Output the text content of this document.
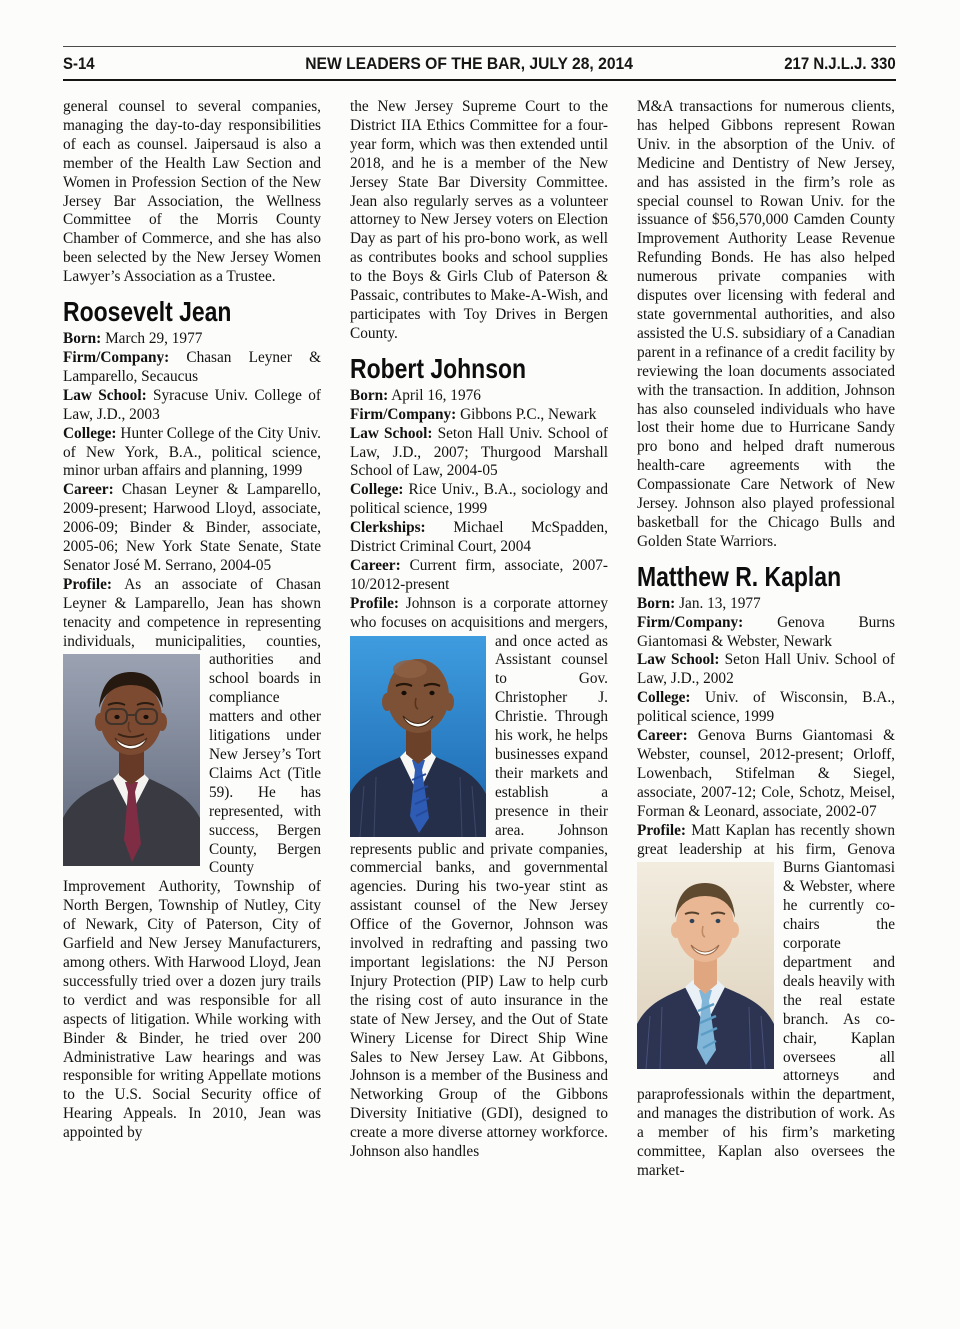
S-14	NEW LEADERS OF THE BAR, JULY 28, 2014	217 N.J.L.J. 330

general counsel to several companies, managing the day-to-day responsibilities of each as counsel. Jaipersaud is also a member of the Health Law Section and Women in Profession Section of the New Jersey Bar Association, the Wellness Committee of the Morris County Chamber of Commerce, and she has also been selected by the New Jersey Women Lawyer’s Association as a Trustee.

Roosevelt Jean

Born: March 29, 1977

Firm/Company: Chasan Leyner & Lamparello, Secaucus

Law School: Syracuse Univ. College of Law, J.D., 2003

College: Hunter College of the City Univ. of New York, B.A., political science, minor urban affairs and planning, 1999

Career: Chasan Leyner & Lamparello, 2009-present; Harwood Lloyd, associate, 2006-09; Binder & Binder, associate, 2005-06; New York State Senate, State Senator José M. Serrano, 2004-05

Profile: As an associate of Chasan Leyner & Lamparello, Jean has shown tenacity and competence in representing individuals, municipalities,
counties, authorities and school boards in compliance matters and other litigations under New Jersey’s Tort Claims Act (Title 59). He has represented, with success, Bergen County, Bergen County Improvement Authority, Township of North Bergen, Township of Nutley, City of Newark, City of Paterson, City of Garfield and New Jersey Manufacturers, among others. With Harwood Lloyd, Jean successfully tried over a dozen jury trails to verdict and was responsible for all aspects of litigation. While working with Binder & Binder, he tried over 200 Administrative Law hearings and was responsible for writing Appellate motions to the U.S. Social Security office of Hearing Appeals. In 2010, Jean was appointed by

the New Jersey Supreme Court to the District IIA Ethics Committee for a four-year form, which was then extended until 2018, and he is a member of the New Jersey State Bar Diversity Committee. Jean also regularly serves as a volunteer attorney to New Jersey voters on Election Day as part of his pro-bono work, as well as contributes books and school supplies to the Boys & Girls Club of Paterson & Passaic, contributes to Make-A-Wish, and participates with Toy Drives in Bergen County.

Robert Johnson

Born: April 16, 1976

Firm/Company: Gibbons P.C., Newark

Law School: Seton Hall Univ. School of Law, J.D., 2007; Thurgood Marshall School of Law, 2004-05

College: Rice Univ., B.A., sociology and political science, 1999

Clerkships: Michael McSpadden, District Criminal Court, 2004

Career: Current firm, associate, 2007-10/2012-present

Profile: Johnson is a corporate attorney who focuses on acquisitions
and mergers, and once acted as Assistant counsel to Gov. Christopher J. Christie. Through his work, he helps businesses expand their markets and establish a presence in their area. Johnson represents public and private companies, commercial banks, and governmental agencies. During his two-year stint as assistant counsel of the New Jersey Office of the Governor, Johnson was involved in redrafting and passing two important legislations: the NJ Person Injury Protection (PIP) Law to help curb the rising cost of auto insurance in the state of New Jersey, and the Out of State Winery License for Direct Ship Wine Sales to New Jersey Law. At Gibbons, Johnson is a member of the Business and Networking Group of the Gibbons Diversity Initiative (GDI), designed to create a more diverse attorney workforce. Johnson also handles

M&A transactions for numerous clients, has helped Gibbons represent Rowan Univ. in the absorption of the Univ. of Medicine and Dentistry of New Jersey, and has assisted in the firm’s role as special counsel to Rowan Univ. for the issuance of $56,570,000 Camden County Improvement Authority Lease Revenue Refunding Bonds. He has also helped numerous private companies with disputes over licensing with federal and state governmental authorities, and also assisted the U.S. subsidiary of a Canadian parent in a refinance of a credit facility by reviewing the loan documents associated with the transaction. In addition, Johnson has also counseled individuals who have lost their home due to Hurricane Sandy pro bono and helped draft numerous health-care agreements with the Compassionate Care Network of New Jersey. Johnson also played professional basketball for the Chicago Bulls and Golden State Warriors.

Matthew R. Kaplan

Born: Jan. 13, 1977

Firm/Company: Genova Burns Giantomasi & Webster, Newark

Law School: Seton Hall Univ. School of Law, J.D., 2002

College: Univ. of Wisconsin, B.A., political science, 1999

Career: Genova Burns Giantomasi & Webster, counsel, 2012-present; Orloff, Lowenbach, Stifelman & Siegel, associate, 2007-12; Cole, Schotz, Meisel, Forman & Leonard, associate, 2002-07

Profile: Matt Kaplan has recently shown great leadership at his firm,
Genova Burns Giantomasi & Webster, where he currently co-chairs the corporate department and deals heavily with the real estate branch. As co-chair, Kaplan oversees all attorneys and paraprofessionals within the department, and manages the distribution of work. As a member of his firm’s marketing committee, Kaplan also oversees the market-
